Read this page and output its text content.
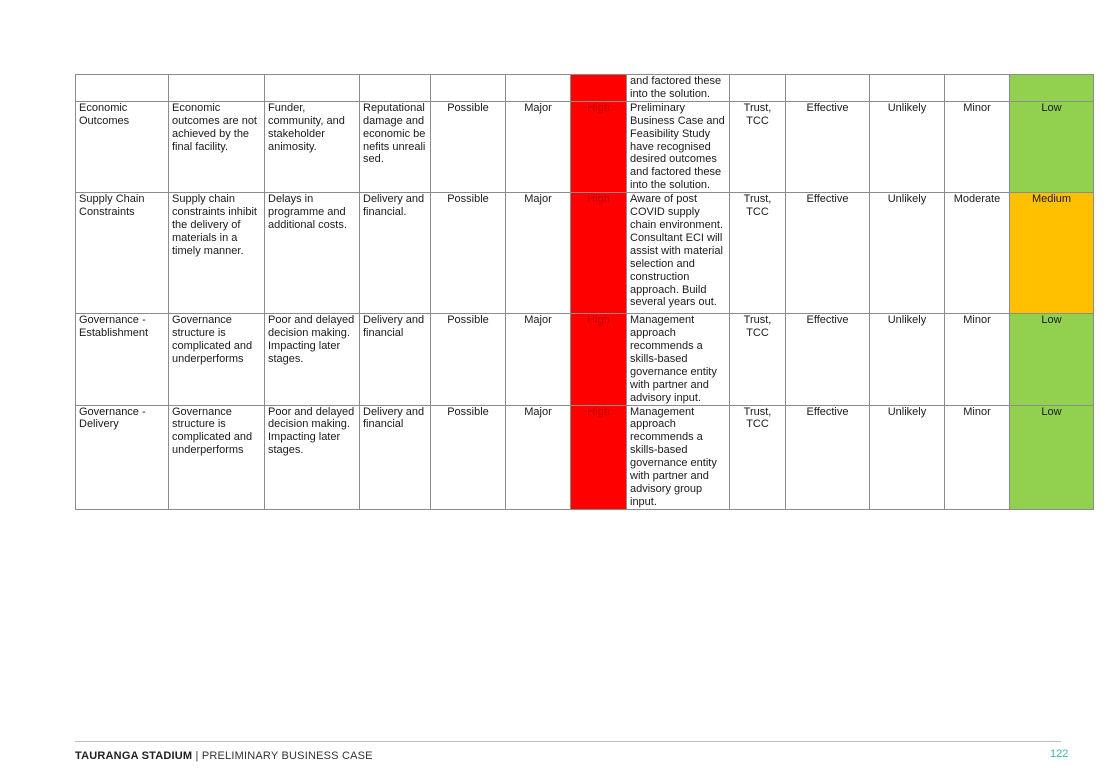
							and factored these into the solution.					
Economic Outcomes	Economic outcomes are not achieved by the final facility.	Funder, community, and stakeholder animosity.	Reputational damage and economic benefits unrealised.	Possible	Major	High	Preliminary Business Case and Feasibility Study have recognised desired outcomes and factored these into the solution.	Trust, TCC	Effective	Unlikely	Minor	Low
Supply Chain Constraints	Supply chain constraints inhibit the delivery of materials in a timely manner.	Delays in programme and additional costs.	Delivery and financial.	Possible	Major	High	Aware of post COVID supply chain environment. Consultant ECI will assist with material selection and construction approach. Build several years out.	Trust, TCC	Effective	Unlikely	Moderate	Medium
Governance - Establishment	Governance structure is complicated and underperforms	Poor and delayed decision making. Impacting later stages.	Delivery and financial	Possible	Major	High	Management approach recommends a skills-based governance entity with partner and advisory input.	Trust, TCC	Effective	Unlikely	Minor	Low
Governance - Delivery	Governance structure is complicated and underperforms	Poor and delayed decision making. Impacting later stages.	Delivery and financial	Possible	Major	High	Management approach recommends a skills-based governance entity with partner and advisory group input.	Trust, TCC	Effective	Unlikely	Minor	Low
TAURANGA STADIUM | PRELIMINARY BUSINESS CASE	122
